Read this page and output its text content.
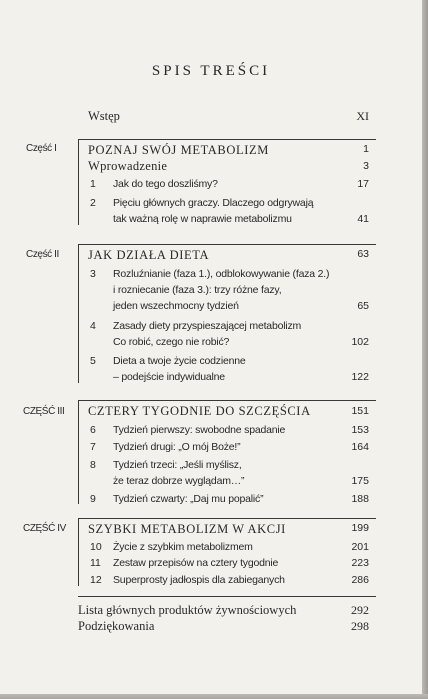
SPIS TREŚCI
Wstęp	XI
Część I	POZNAJ SWÓJ METABOLIZM	1
Wprowadzenie	3
1 Jak do tego doszliśmy?	17
2 Pięciu głównych graczy. Dlaczego odgrywają
tak ważną rolę w naprawie metabolizmu	41
Część II JAK DZIAŁA DIETA	63
3 Rozluźnianie (faza 1.), odblokowywanie (faza 2.)
i rozniecanie (faza 3.): trzy różne fazy,
jeden wszechmocny tydzień	65
4 Zasady diety przyspieszającej metabolizm
Co robić, czego nie robić?	102
5 Dieta a twoje życie codzienne
– podejście indywidualne	122
CZĘŚĆ III CZTERY TYGODNIE DO SZCZĘŚCIA	151
6 Tydzień pierwszy: swobodne spadanie	153
7 Tydzień drugi: „O mój Boże!”	164
8 Tydzień trzeci: „Jeśli myślisz,
że teraz dobrze wyglądam…”	175
9 Tydzień czwarty: „Daj mu popalić”	188
CZĘŚĆ IV SZYBKI METABOLIZM W AKCJI	199
10 Życie z szybkim metabolizmem	201
11 Zestaw przepisów na cztery tygodnie	223
12 Superprosty jadłospis dla zabieganych	286
Lista głównych produktów żywnościowych	292
Podziękowania	298
